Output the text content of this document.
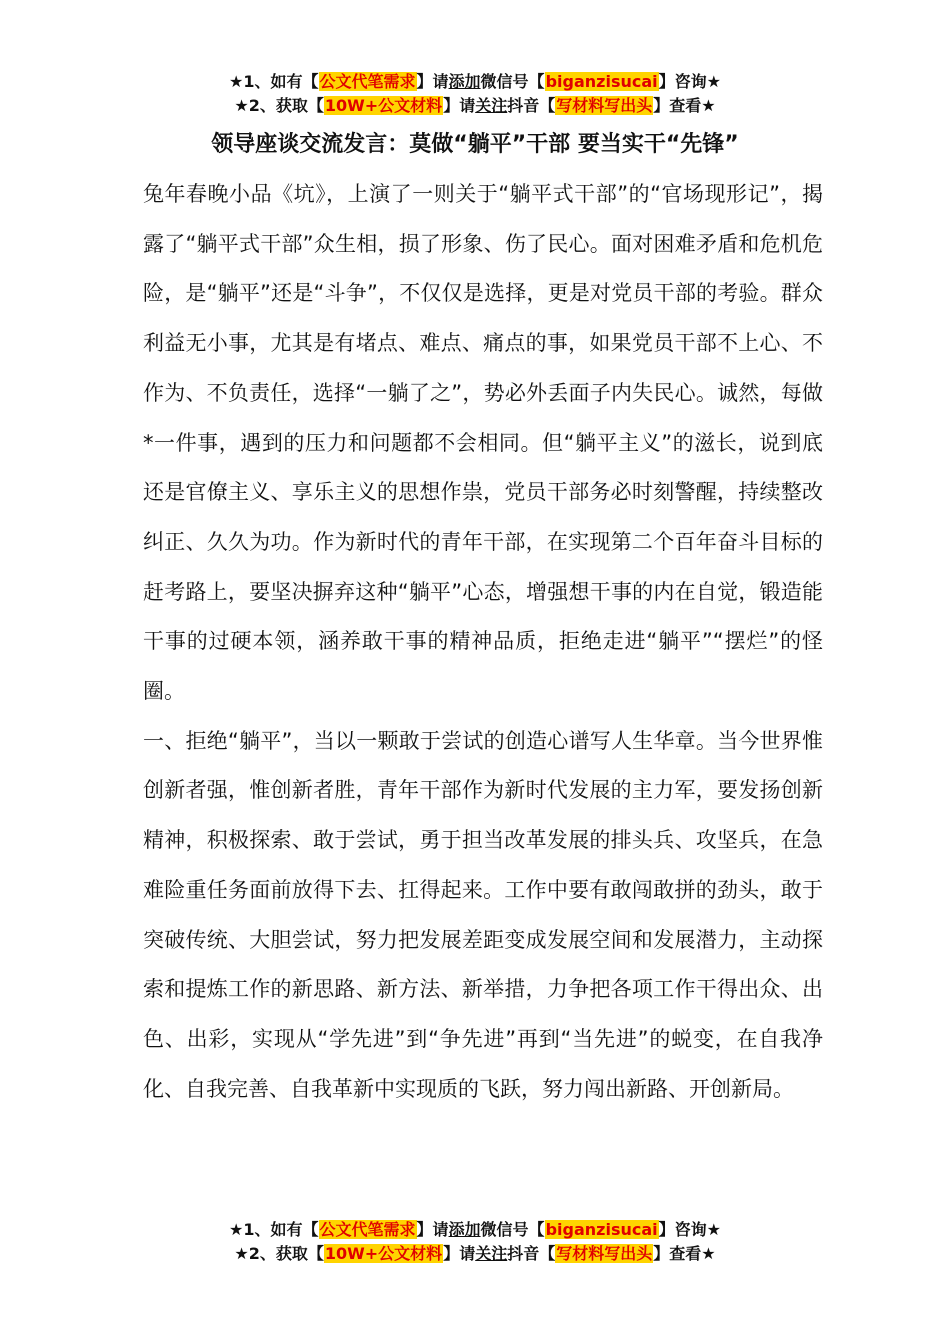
★1、如有【公文代笔需求】请添加微信号【biganzisucai】咨询★
★2、获取【10W+公文材料】请关注抖音【写材料写出头】查看★
领导座谈交流发言：莫做“躺平”干部 要当实干“先锋”

兔年春晚小品《坑》，上演了一则关于“躺平式干部”的“官场现形记”，揭露了“躺平式干部”众生相，损了形象、伤了民心。面对困难矛盾和危机危险，是“躺平”还是“斗争”，不仅仅是选择，更是对党员干部的考验。群众利益无小事，尤其是有堵点、难点、痛点的事，如果党员干部不上心、不作为、不负责任，选择“一躺了之”，势必外丢面子内失民心。诚然，每做*一件事，遇到的压力和问题都不会相同。但“躺平主义”的滋长，说到底还是官僚主义、享乐主义的思想作祟，党员干部务必时刻警醒，持续整改纠正、久久为功。作为新时代的青年干部，在实现第二个百年奋斗目标的赶考路上，要坚决摒弃这种“躺平”心态，增强想干事的内在自觉，锻造能干事的过硬本领，涵养敢干事的精神品质，拒绝走进“躺平”“摆烂”的怪圈。

一、拒绝“躺平”，当以一颗敢于尝试的创造心谱写人生华章。当今世界惟创新者强，惟创新者胜，青年干部作为新时代发展的主力军，要发扬创新精神，积极探索、敢于尝试，勇于担当改革发展的排头兵、攻坚兵，在急难险重任务面前放得下去、扛得起来。工作中要有敢闯敢拼的劲头，敢于突破传统、大胆尝试，努力把发展差距变成发展空间和发展潜力，主动探索和提炼工作的新思路、新方法、新举措，力争把各项工作干得出众、出色、出彩，实现从“学先进”到“争先进”再到“当先进”的蜕变，在自我净化、自我完善、自我革新中实现质的飞跃，努力闯出新路、开创新局。

★1、如有【公文代笔需求】请添加微信号【biganzisucai】咨询★
★2、获取【10W+公文材料】请关注抖音【写材料写出头】查看★
